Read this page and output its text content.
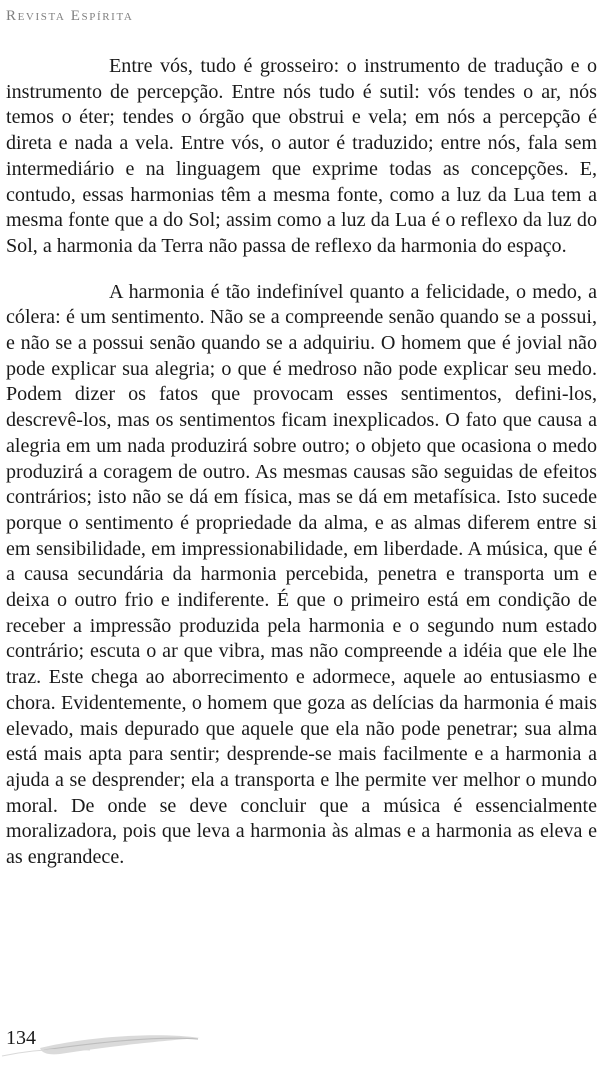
Revista Espírita

Entre vós, tudo é grosseiro: o instrumento de tradução e o instrumento de percepção. Entre nós tudo é sutil: vós tendes o ar, nós temos o éter; tendes o órgão que obstrui e vela; em nós a percepção é direta e nada a vela. Entre vós, o autor é traduzido; entre nós, fala sem intermediário e na linguagem que exprime todas as concepções. E, contudo, essas harmonias têm a mesma fonte, como a luz da Lua tem a mesma fonte que a do Sol; assim como a luz da Lua é o reflexo da luz do Sol, a harmonia da Terra não passa de reflexo da harmonia do espaço.

A harmonia é tão indefinível quanto a felicidade, o medo, a cólera: é um sentimento. Não se a compreende senão quando se a possui, e não se a possui senão quando se a adquiriu. O homem que é jovial não pode explicar sua alegria; o que é medroso não pode explicar seu medo. Podem dizer os fatos que provocam esses sentimentos, defini-los, descrevê-los, mas os sentimentos ficam inexplicados. O fato que causa a alegria em um nada produzirá sobre outro; o objeto que ocasiona o medo produzirá a coragem de outro. As mesmas causas são seguidas de efeitos contrários; isto não se dá em física, mas se dá em metafísica. Isto sucede porque o sentimento é propriedade da alma, e as almas diferem entre si em sensibilidade, em impressionabilidade, em liberdade. A música, que é a causa secundária da harmonia percebida, penetra e transporta um e deixa o outro frio e indiferente. É que o primeiro está em condição de receber a impressão produzida pela harmonia e o segundo num estado contrário; escuta o ar que vibra, mas não compreende a idéia que ele lhe traz. Este chega ao aborrecimento e adormece, aquele ao entusiasmo e chora. Evidentemente, o homem que goza as delícias da harmonia é mais elevado, mais depurado que aquele que ela não pode penetrar; sua alma está mais apta para sentir; desprende-se mais facilmente e a harmonia a ajuda a se desprender; ela a transporta e lhe permite ver melhor o mundo moral. De onde se deve concluir que a música é essencialmente moralizadora, pois que leva a harmonia às almas e a harmonia as eleva e as engrandece.

134
